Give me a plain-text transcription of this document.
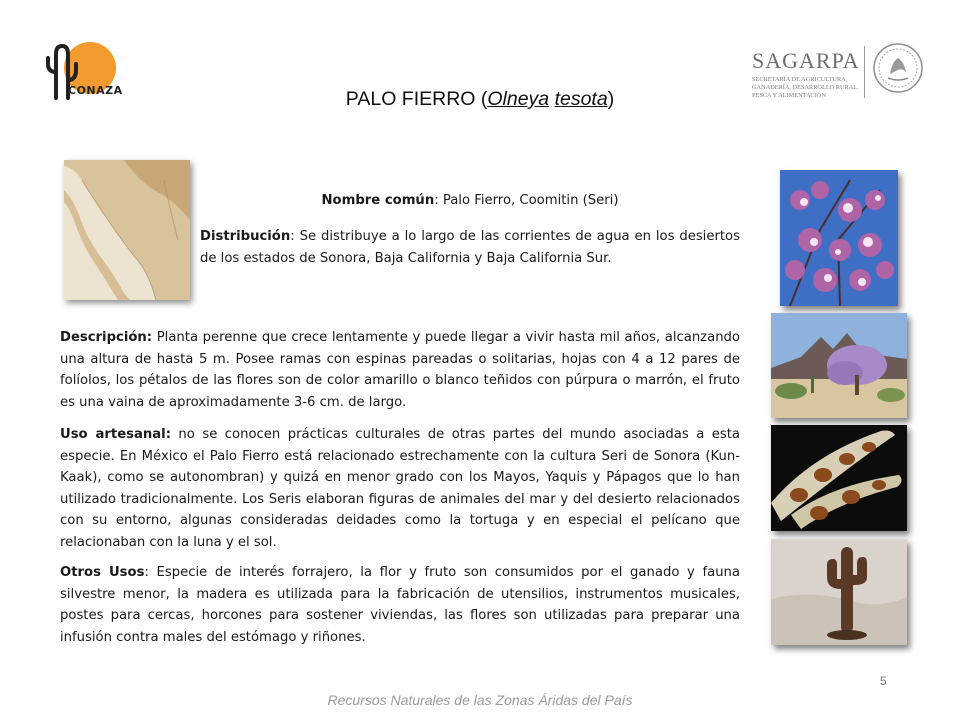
CONAZA
SAGARPA
SECRETARÍA DE AGRICULTURA,
GANADERÍA, DESARROLLO RURAL,
PESCA Y ALIMENTACIÓN
PALO FIERRO (Olneya tesota)
Nombre común: Palo Fierro, Coomitin (Seri)
Distribución: Se distribuye a lo largo de las corrientes de agua en los desiertos de los estados de Sonora, Baja California y Baja California Sur.
Descripción: Planta perenne que crece lentamente y puede llegar a vivir hasta mil años, alcanzando una altura de hasta 5 m. Posee ramas con espinas pareadas o solitarias, hojas con 4 a 12 pares de folíolos, los pétalos de las flores son de color amarillo o blanco teñidos con púrpura o marrón, el fruto es una vaina de aproximadamente 3-6 cm. de largo.
Uso artesanal: no se conocen prácticas culturales de otras partes del mundo asociadas a esta especie. En México el Palo Fierro está relacionado estrechamente con la cultura Seri de Sonora (Kun-Kaak), como se autonombran) y quizá en menor grado con los Mayos, Yaquis y Pápagos que lo han utilizado tradicionalmente. Los Seris elaboran figuras de animales del mar y del desierto relacionados con su entorno, algunas consideradas deidades como la tortuga y en especial el pelícano que relacionaban con la luna y el sol.
Otros Usos: Especie de interés forrajero, la flor y fruto son consumidos por el ganado y fauna silvestre menor, la madera es utilizada para la fabricación de utensilios, instrumentos musicales, postes para cercas, horcones para sostener viviendas, las flores son utilizadas para preparar una infusión contra males del estómago y riñones.
5
Recursos Naturales de las Zonas Áridas del País
